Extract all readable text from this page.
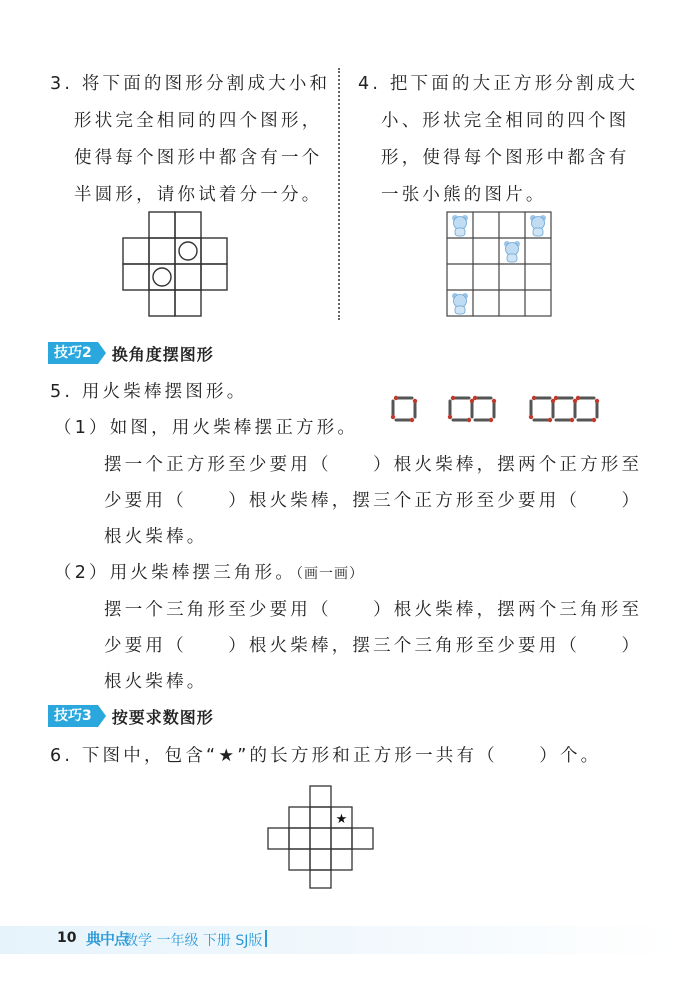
3. 将下面的图形分割成大小和
形状完全相同的四个图形，
使得每个图形中都含有一个
半圆形，请你试着分一分。
4. 把下面的大正方形分割成大
小、形状完全相同的四个图
形，使得每个图形中都含有
一张小熊的图片。
技巧2	换角度摆图形
5. 用火柴棒摆图形。
（1）如图，用火柴棒摆正方形。
摆一个正方形至少要用（　　）根火柴棒，摆两个正方形至
少要用（　　）根火柴棒，摆三个正方形至少要用（　　）
根火柴棒。
（2）用火柴棒摆三角形。（画一画）
摆一个三角形至少要用（　　）根火柴棒，摆两个三角形至
少要用（　　）根火柴棒，摆三个三角形至少要用（　　）
根火柴棒。
技巧3	按要求数图形
6. 下图中，包含“★”的长方形和正方形一共有（　　）个。
★
10 典中点
数学 一年级 下册 SJ版
